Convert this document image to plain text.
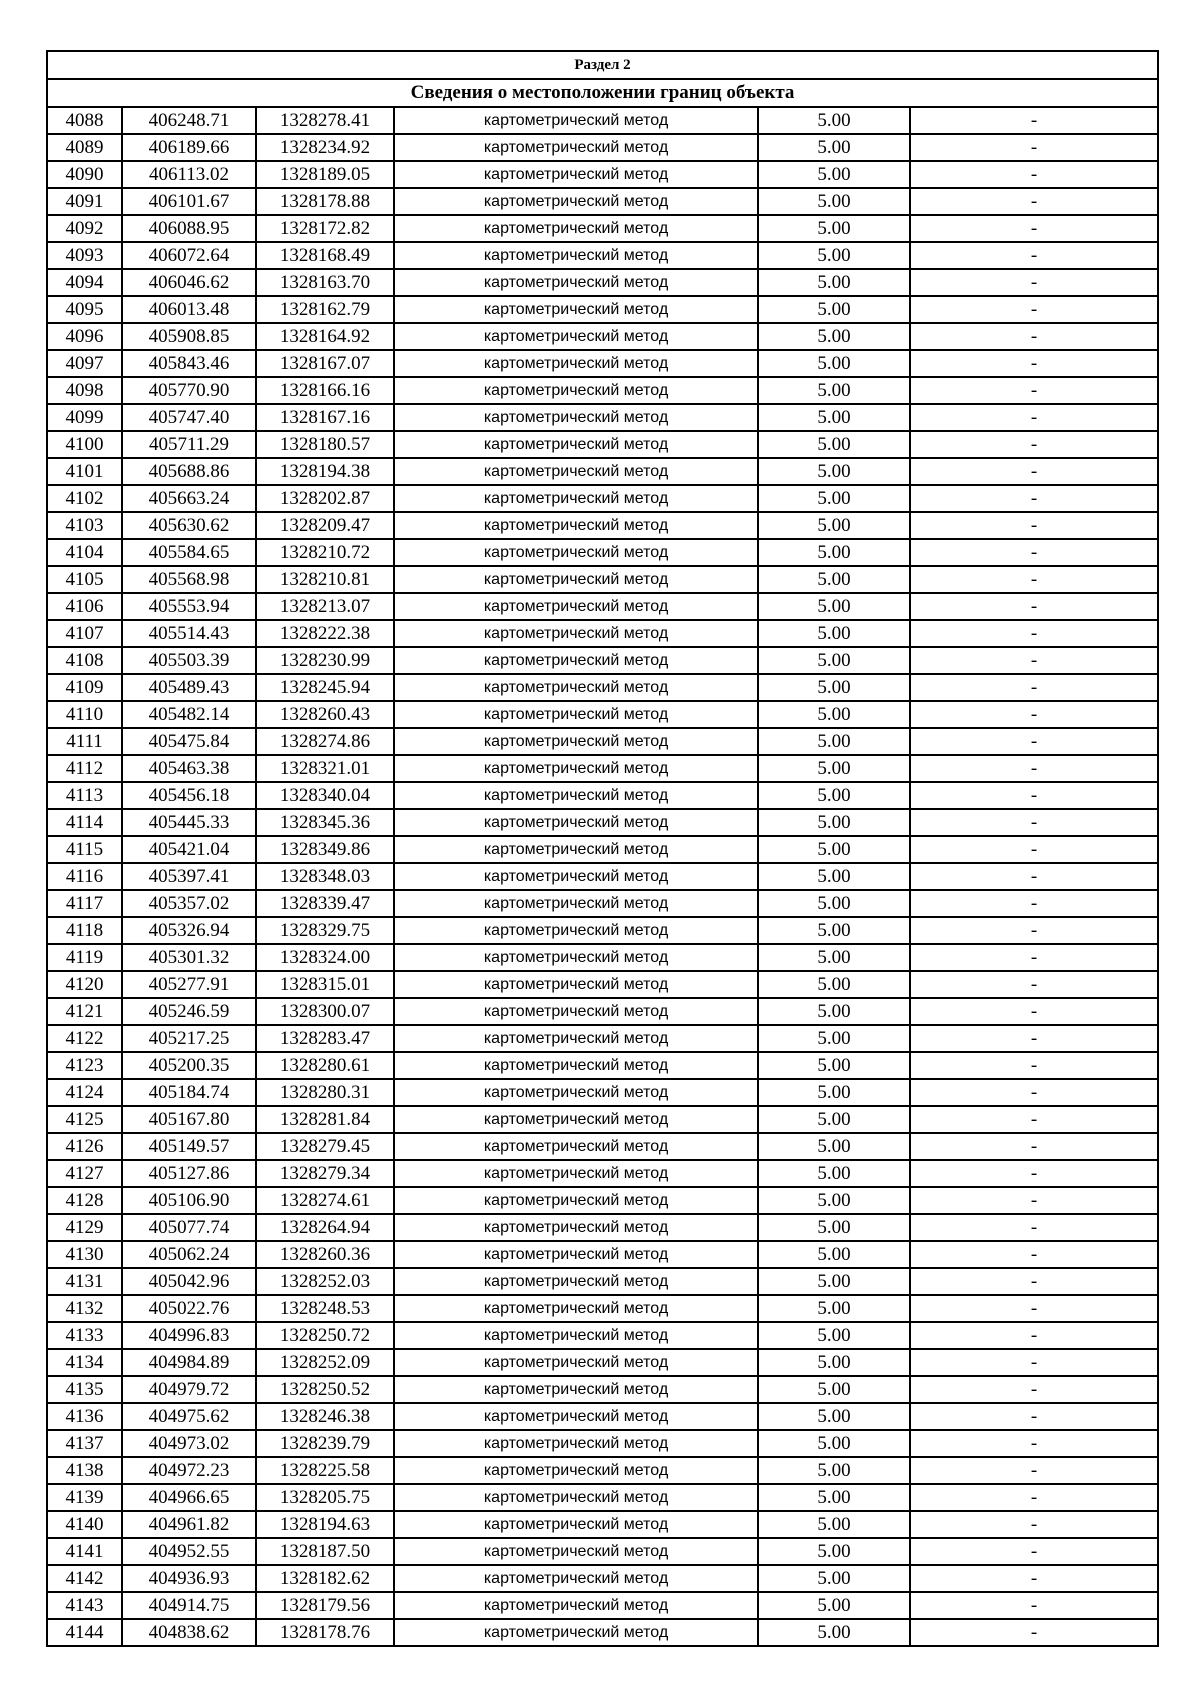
Раздел 2					
Сведения о местоположении границ объекта					
4088	406248.71	1328278.41	картометрический метод	5.00	-
4089	406189.66	1328234.92	картометрический метод	5.00	-
4090	406113.02	1328189.05	картометрический метод	5.00	-
4091	406101.67	1328178.88	картометрический метод	5.00	-
4092	406088.95	1328172.82	картометрический метод	5.00	-
4093	406072.64	1328168.49	картометрический метод	5.00	-
4094	406046.62	1328163.70	картометрический метод	5.00	-
4095	406013.48	1328162.79	картометрический метод	5.00	-
4096	405908.85	1328164.92	картометрический метод	5.00	-
4097	405843.46	1328167.07	картометрический метод	5.00	-
4098	405770.90	1328166.16	картометрический метод	5.00	-
4099	405747.40	1328167.16	картометрический метод	5.00	-
4100	405711.29	1328180.57	картометрический метод	5.00	-
4101	405688.86	1328194.38	картометрический метод	5.00	-
4102	405663.24	1328202.87	картометрический метод	5.00	-
4103	405630.62	1328209.47	картометрический метод	5.00	-
4104	405584.65	1328210.72	картометрический метод	5.00	-
4105	405568.98	1328210.81	картометрический метод	5.00	-
4106	405553.94	1328213.07	картометрический метод	5.00	-
4107	405514.43	1328222.38	картометрический метод	5.00	-
4108	405503.39	1328230.99	картометрический метод	5.00	-
4109	405489.43	1328245.94	картометрический метод	5.00	-
4110	405482.14	1328260.43	картометрический метод	5.00	-
4111	405475.84	1328274.86	картометрический метод	5.00	-
4112	405463.38	1328321.01	картометрический метод	5.00	-
4113	405456.18	1328340.04	картометрический метод	5.00	-
4114	405445.33	1328345.36	картометрический метод	5.00	-
4115	405421.04	1328349.86	картометрический метод	5.00	-
4116	405397.41	1328348.03	картометрический метод	5.00	-
4117	405357.02	1328339.47	картометрический метод	5.00	-
4118	405326.94	1328329.75	картометрический метод	5.00	-
4119	405301.32	1328324.00	картометрический метод	5.00	-
4120	405277.91	1328315.01	картометрический метод	5.00	-
4121	405246.59	1328300.07	картометрический метод	5.00	-
4122	405217.25	1328283.47	картометрический метод	5.00	-
4123	405200.35	1328280.61	картометрический метод	5.00	-
4124	405184.74	1328280.31	картометрический метод	5.00	-
4125	405167.80	1328281.84	картометрический метод	5.00	-
4126	405149.57	1328279.45	картометрический метод	5.00	-
4127	405127.86	1328279.34	картометрический метод	5.00	-
4128	405106.90	1328274.61	картометрический метод	5.00	-
4129	405077.74	1328264.94	картометрический метод	5.00	-
4130	405062.24	1328260.36	картометрический метод	5.00	-
4131	405042.96	1328252.03	картометрический метод	5.00	-
4132	405022.76	1328248.53	картометрический метод	5.00	-
4133	404996.83	1328250.72	картометрический метод	5.00	-
4134	404984.89	1328252.09	картометрический метод	5.00	-
4135	404979.72	1328250.52	картометрический метод	5.00	-
4136	404975.62	1328246.38	картометрический метод	5.00	-
4137	404973.02	1328239.79	картометрический метод	5.00	-
4138	404972.23	1328225.58	картометрический метод	5.00	-
4139	404966.65	1328205.75	картометрический метод	5.00	-
4140	404961.82	1328194.63	картометрический метод	5.00	-
4141	404952.55	1328187.50	картометрический метод	5.00	-
4142	404936.93	1328182.62	картометрический метод	5.00	-
4143	404914.75	1328179.56	картометрический метод	5.00	-
4144	404838.62	1328178.76	картометрический метод	5.00	-
